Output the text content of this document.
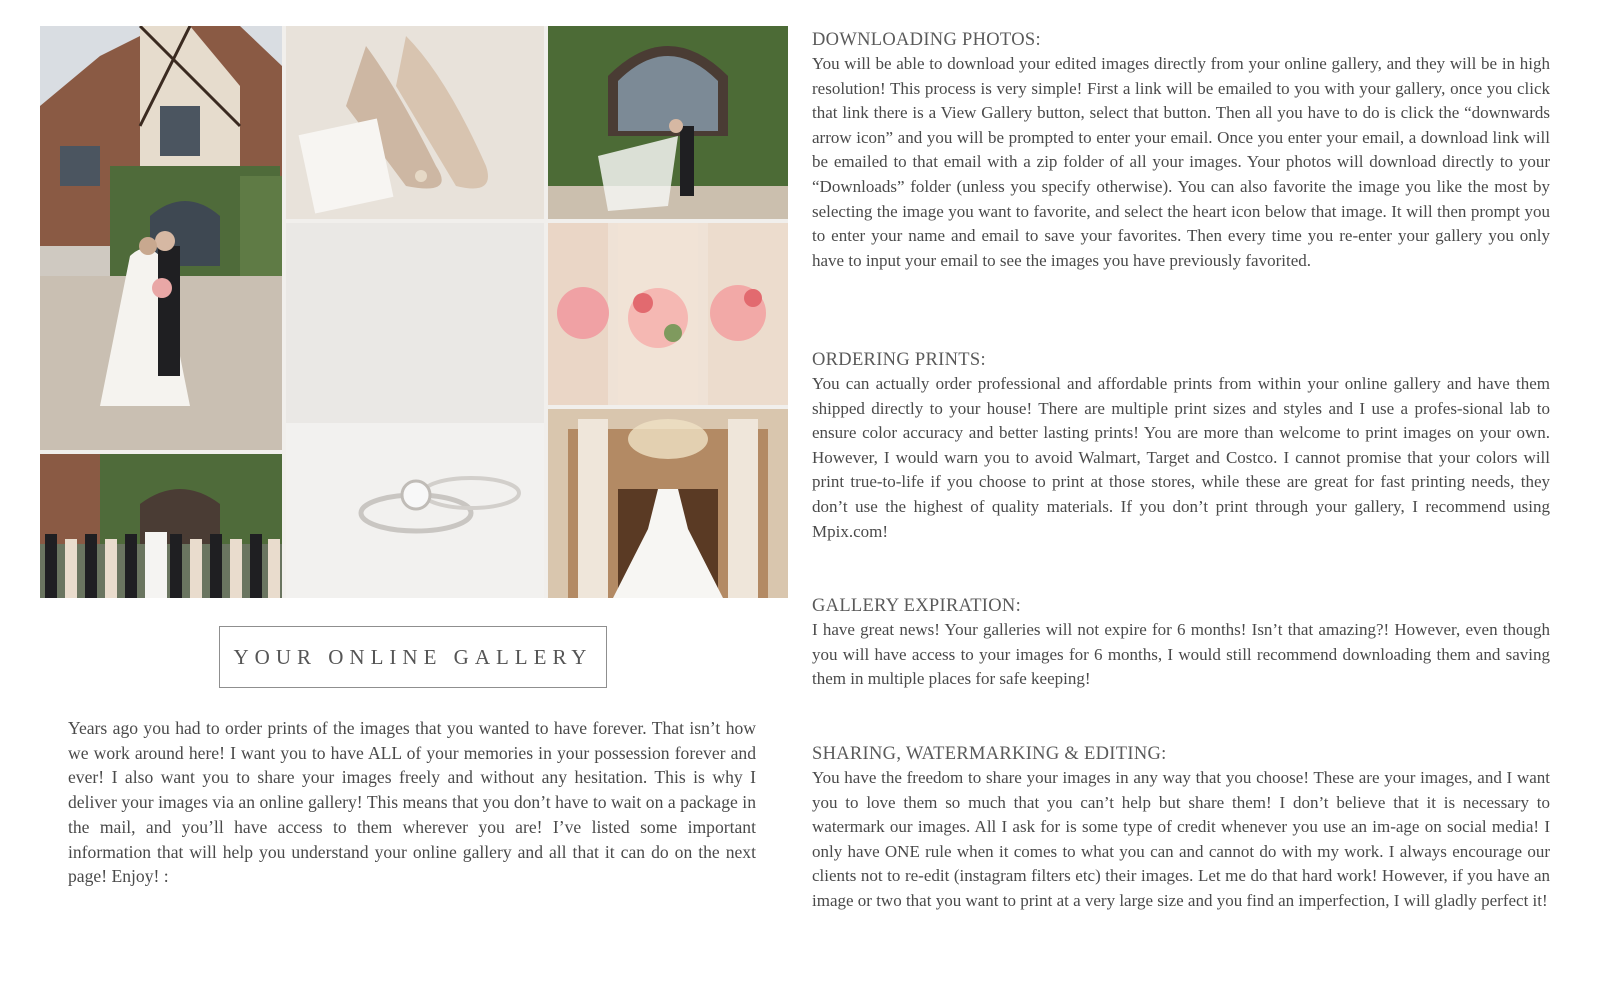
YOUR ONLINE GALLERY

Years ago you had to order prints of the images that you wanted to have forever. That isn’t how we work around here! I want you to have ALL of your memories in your possession forever and ever! I also want you to share your images freely and without any hesitation. This is why I deliver your images via an online gallery! This means that you don’t have to wait on a package in the mail, and you’ll have access to them wherever you are! I’ve listed some important information that will help you understand your online gallery and all that it can do on the next page! Enjoy! :

DOWNLOADING PHOTOS:

You will be able to download your edited images directly from your online gallery, and they will be in high resolution! This process is very simple! First a link will be emailed to you with your gallery, once you click that link there is a View Gallery button, select that button. Then all you have to do is click the “downwards arrow icon” and you will be prompted to enter your email. Once you enter your email, a download link will be emailed to that email with a zip folder of all your images. Your photos will download directly to your “Downloads” folder (unless you specify otherwise). You can also favorite the image you like the most by selecting the image you want to favorite, and select the heart icon below that image. It will then prompt you to enter your name and email to save your favorites. Then every time you re-enter your gallery you only have to input your email to see the images you have previously favorited.

ORDERING PRINTS:

You can actually order professional and affordable prints from within your online gallery and have them shipped directly to your house! There are multiple print sizes and styles and I use a profes-sional lab to ensure color accuracy and better lasting prints! You are more than welcome to print images on your own. However, I would warn you to avoid Walmart, Target and Costco. I cannot promise that your colors will print true-to-life if you choose to print at those stores, while these are great for fast printing needs, they don’t use the highest of quality materials. If you don’t print through your gallery, I recommend using Mpix.com!

GALLERY EXPIRATION:

I have great news! Your galleries will not expire for 6 months! Isn’t that amazing?! However, even though you will have access to your images for 6 months, I would still recommend downloading them and saving them in multiple places for safe keeping!

SHARING, WATERMARKING & EDITING:

You have the freedom to share your images in any way that you choose! These are your images, and I want you to love them so much that you can’t help but share them! I don’t believe that it is necessary to watermark our images. All I ask for is some type of credit whenever you use an im-age on social media! I only have ONE rule when it comes to what you can and cannot do with my work. I always encourage our clients not to re-edit (instagram filters etc) their images. Let me do that hard work! However, if you have an image or two that you want to print at a very large size and you find an imperfection, I will gladly perfect it!
